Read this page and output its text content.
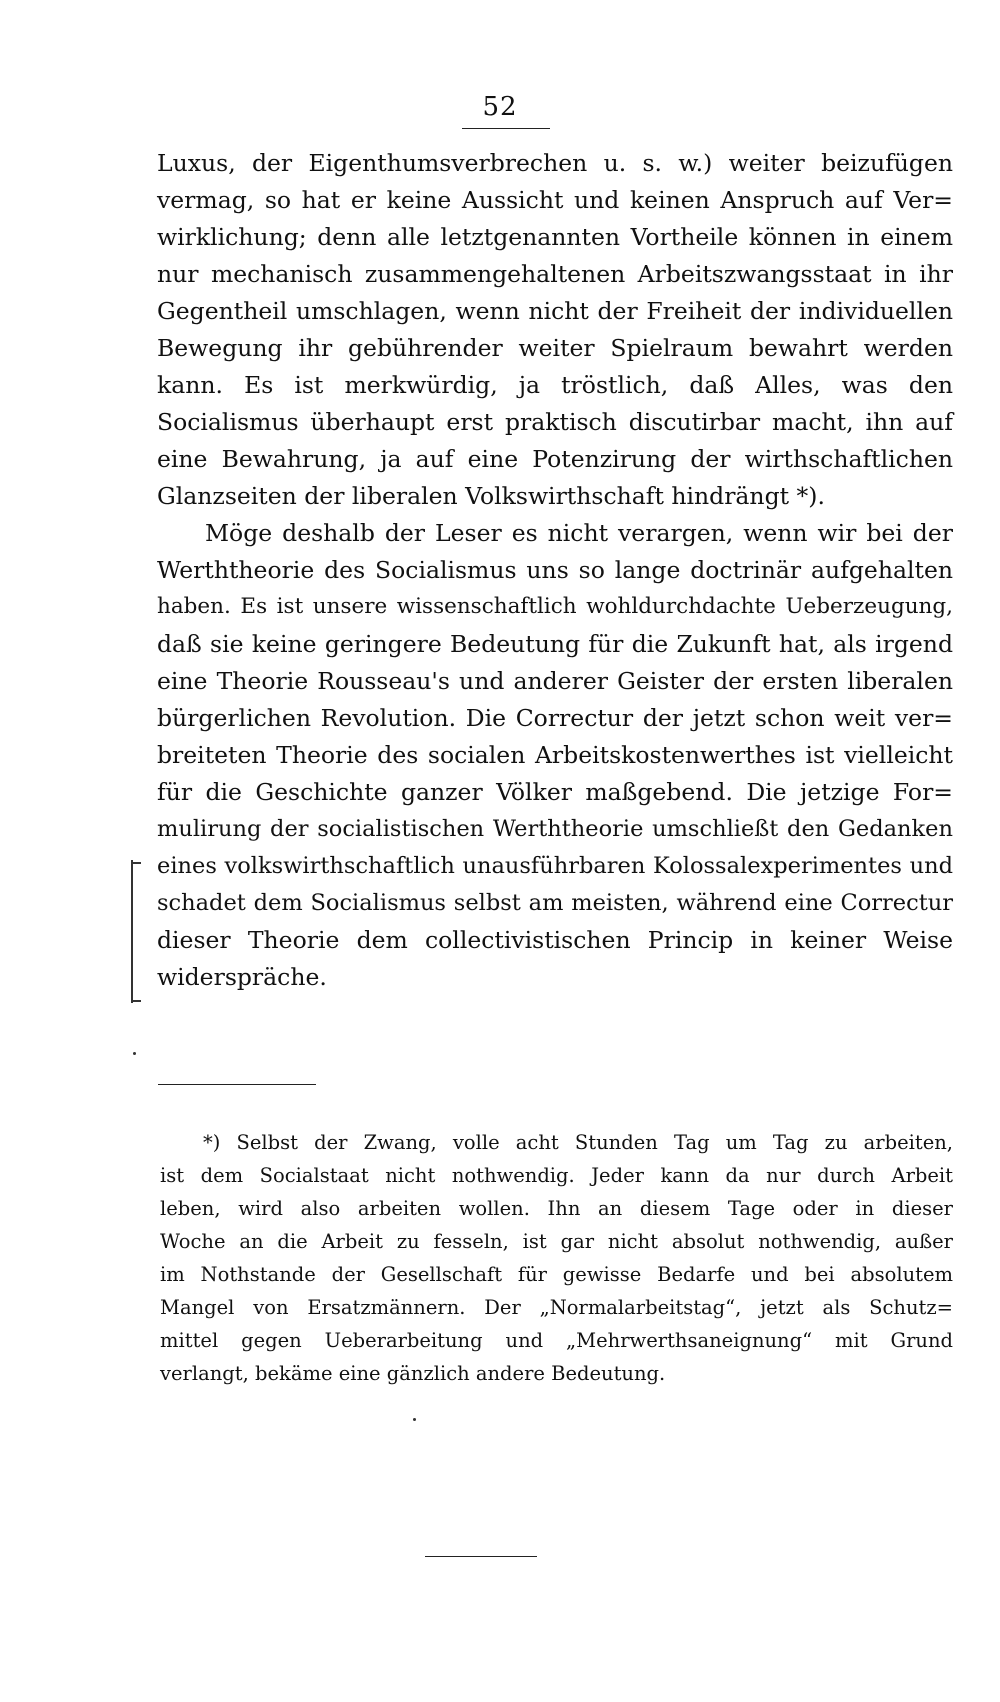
52
Luxus, der Eigenthumsverbrechen u. s. w.) weiter beizufügen
vermag, so hat er keine Aussicht und keinen Anspruch auf Ver=
wirklichung; denn alle letztgenannten Vortheile können in einem
nur mechanisch zusammengehaltenen Arbeitszwangsstaat in ihr
Gegentheil umschlagen, wenn nicht der Freiheit der individuellen
Bewegung ihr gebührender weiter Spielraum bewahrt werden
kann. Es ist merkwürdig, ja tröstlich, daß Alles, was den
Socialismus überhaupt erst praktisch discutirbar macht, ihn auf
eine Bewahrung, ja auf eine Potenzirung der wirthschaftlichen
Glanzseiten der liberalen Volkswirthschaft hindrängt *).
Möge deshalb der Leser es nicht verargen, wenn wir bei der
Werththeorie des Socialismus uns so lange doctrinär aufgehalten
haben. Es ist unsere wissenschaftlich wohldurchdachte Ueberzeugung,
daß sie keine geringere Bedeutung für die Zukunft hat, als irgend
eine Theorie Rousseau's und anderer Geister der ersten liberalen
bürgerlichen Revolution. Die Correctur der jetzt schon weit ver=
breiteten Theorie des socialen Arbeitskostenwerthes ist vielleicht
für die Geschichte ganzer Völker maßgebend. Die jetzige For=
mulirung der socialistischen Werththeorie umschließt den Gedanken
eines volkswirthschaftlich unausführbaren Kolossalexperimentes und
schadet dem Socialismus selbst am meisten, während eine Correctur
dieser Theorie dem collectivistischen Princip in keiner Weise
widerspräche.
*) Selbst der Zwang, volle acht Stunden Tag um Tag zu arbeiten,
ist dem Socialstaat nicht nothwendig. Jeder kann da nur durch Arbeit
leben, wird also arbeiten wollen. Ihn an diesem Tage oder in dieser
Woche an die Arbeit zu fesseln, ist gar nicht absolut nothwendig, außer
im Nothstande der Gesellschaft für gewisse Bedarfe und bei absolutem
Mangel von Ersatzmännern. Der „Normalarbeitstag“, jetzt als Schutz=
mittel gegen Ueberarbeitung und „Mehrwerthsaneignung“ mit Grund
verlangt, bekäme eine gänzlich andere Bedeutung.
